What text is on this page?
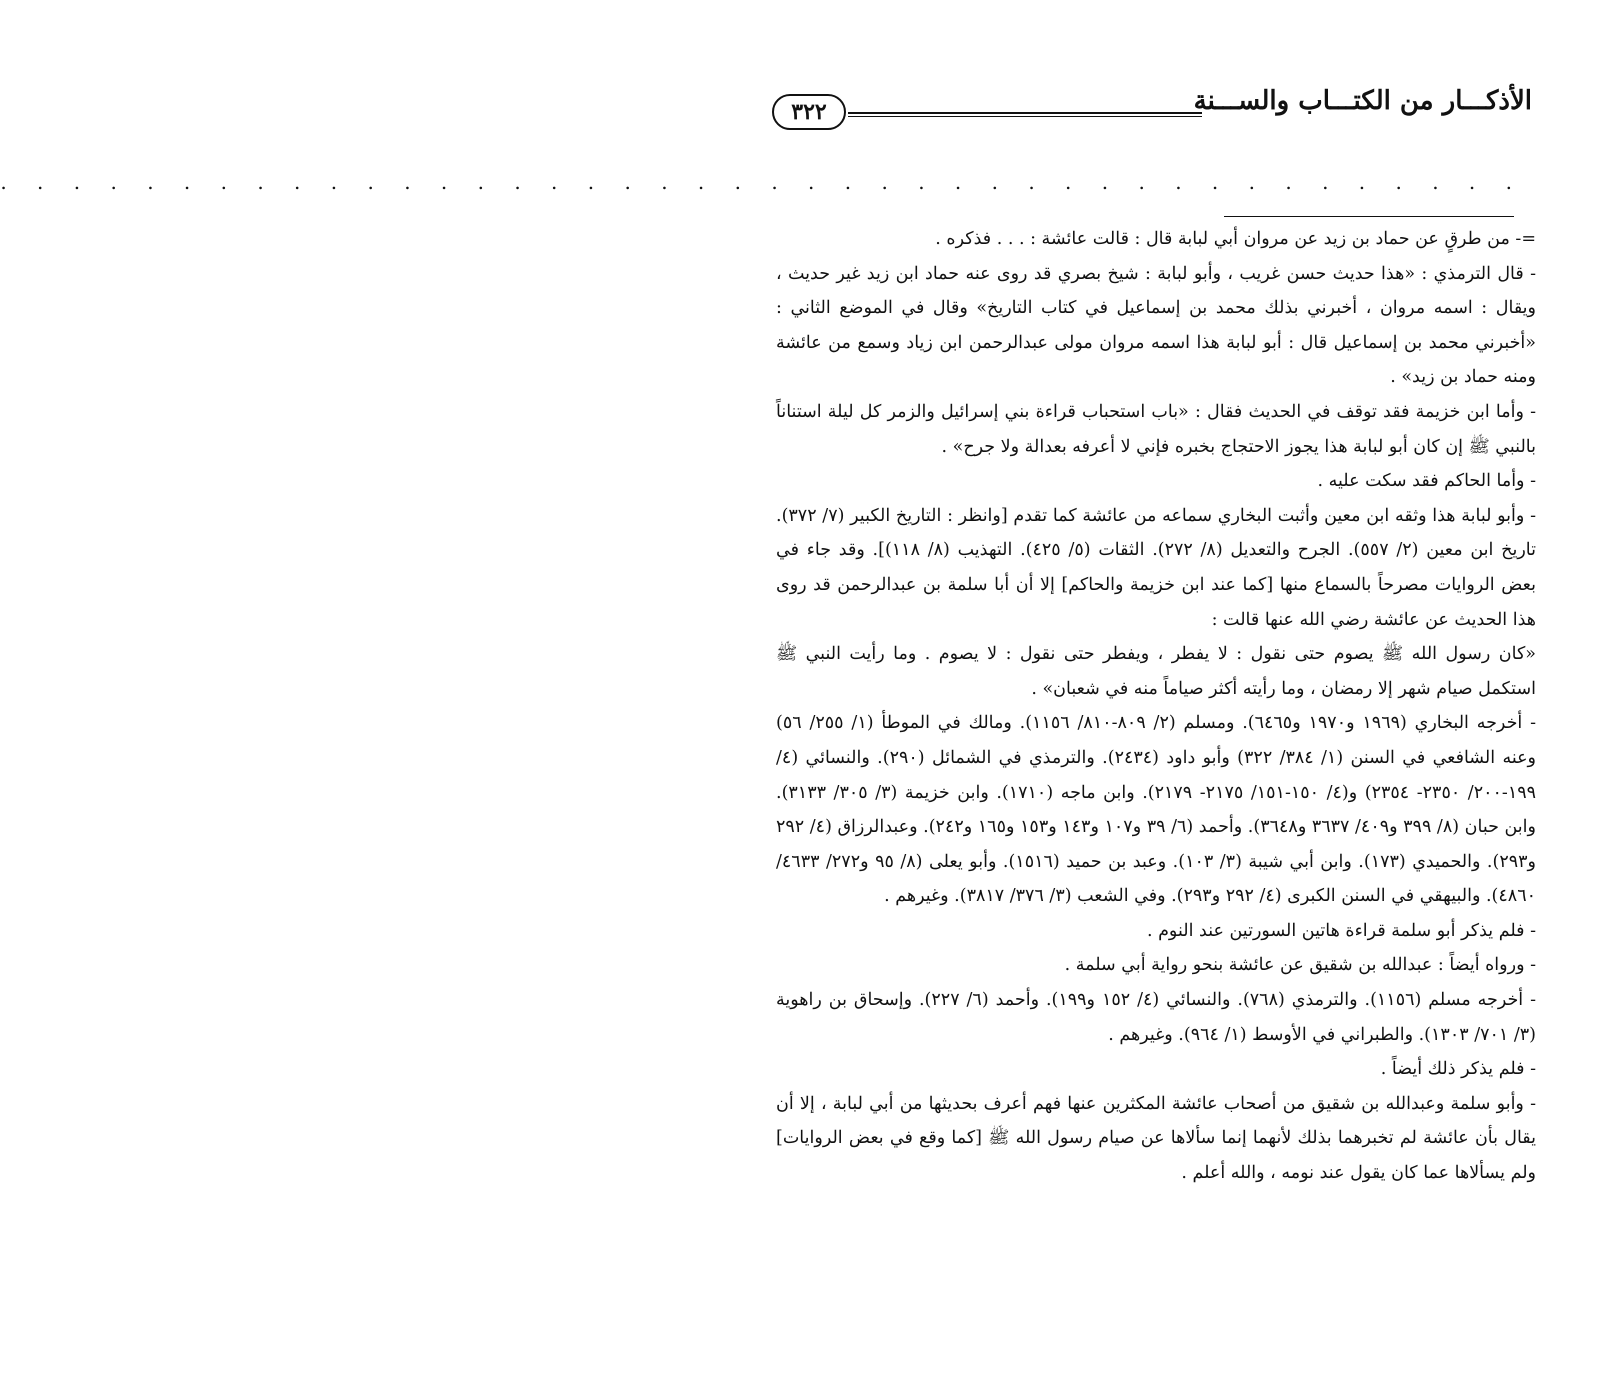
الأذكـــار من الكتـــاب والســـنة
٣٢٢
. . . . . . . . . . . . . . . . . . . . . . . . . . . . . . . . . . . . . . . . . .

=- من طرقٍ عن حماد بن زيد عن مروان أبي لبابة قال : قالت عائشة : . . . فذكره .

- قال الترمذي : «هذا حديث حسن غريب ، وأبو لبابة : شيخ بصري قد روى عنه حماد ابن زيد غير حديث ، ويقال : اسمه مروان ، أخبرني بذلك محمد بن إسماعيل في كتاب التاريخ» وقال في الموضع الثاني : «أخبرني محمد بن إسماعيل قال : أبو لبابة هذا اسمه مروان مولى عبدالرحمن ابن زياد وسمع من عائشة ومنه حماد بن زيد» .

- وأما ابن خزيمة فقد توقف في الحديث فقال : «باب استحباب قراءة بني إسرائيل والزمر كل ليلة استناناً بالنبي ﷺ إن كان أبو لبابة هذا يجوز الاحتجاج بخبره فإني لا أعرفه بعدالة ولا جرح» .

- وأما الحاكم فقد سكت عليه .

- وأبو لبابة هذا وثقه ابن معين وأثبت البخاري سماعه من عائشة كما تقدم [وانظر : التاريخ الكبير (٧/ ٣٧٢). تاريخ ابن معين (٢/ ٥٥٧). الجرح والتعديل (٨/ ٢٧٢). الثقات (٥/ ٤٢٥). التهذيب (٨/ ١١٨)]. وقد جاء في بعض الروايات مصرحاً بالسماع منها [كما عند ابن خزيمة والحاكم] إلا أن أبا سلمة بن عبدالرحمن قد روى هذا الحديث عن عائشة رضي الله عنها قالت :

«كان رسول الله ﷺ يصوم حتى نقول : لا يفطر ، ويفطر حتى نقول : لا يصوم . وما رأيت النبي ﷺ استكمل صيام شهر إلا رمضان ، وما رأيته أكثر صياماً منه في شعبان» .

- أخرجه البخاري (١٩٦٩ و١٩٧٠ و٦٤٦٥). ومسلم (٢/ ٨٠٩-٨١٠/ ١١٥٦). ومالك في الموطأ (١/ ٢٥٥/ ٥٦) وعنه الشافعي في السنن (١/ ٣٨٤/ ٣٢٢) وأبو داود (٢٤٣٤). والترمذي في الشمائل (٢٩٠). والنسائي (٤/ ١٩٩-٢٠٠/ ٢٣٥٠- ٢٣٥٤) و(٤/ ١٥٠-١٥١/ ٢١٧٥- ٢١٧٩). وابن ماجه (١٧١٠). وابن خزيمة (٣/ ٣٠٥/ ٣١٣٣). وابن حبان (٨/ ٣٩٩ و٤٠٩/ ٣٦٣٧ و٣٦٤٨). وأحمد (٦/ ٣٩ و١٠٧ و١٤٣ و١٥٣ و١٦٥ و٢٤٢). وعبدالرزاق (٤/ ٢٩٢ و٢٩٣). والحميدي (١٧٣). وابن أبي شيبة (٣/ ١٠٣). وعبد بن حميد (١٥١٦). وأبو يعلى (٨/ ٩٥ و٢٧٢/ ٤٦٣٣/ ٤٨٦٠). والبيهقي في السنن الكبرى (٤/ ٢٩٢ و٢٩٣). وفي الشعب (٣/ ٣٧٦/ ٣٨١٧). وغيرهم .

- فلم يذكر أبو سلمة قراءة هاتين السورتين عند النوم .

- ورواه أيضاً : عبدالله بن شقيق عن عائشة بنحو رواية أبي سلمة .

- أخرجه مسلم (١١٥٦). والترمذي (٧٦٨). والنسائي (٤/ ١٥٢ و١٩٩). وأحمد (٦/ ٢٢٧). وإسحاق بن راهوية (٣/ ٧٠١/ ١٣٠٣). والطبراني في الأوسط (١/ ٩٦٤). وغيرهم .

- فلم يذكر ذلك أيضاً .

- وأبو سلمة وعبدالله بن شقيق من أصحاب عائشة المكثرين عنها فهم أعرف بحديثها من أبي لبابة ، إلا أن يقال بأن عائشة لم تخبرهما بذلك لأنهما إنما سألاها عن صيام رسول الله ﷺ [كما وقع في بعض الروايات] ولم يسألاها عما كان يقول عند نومه ، والله أعلم .
